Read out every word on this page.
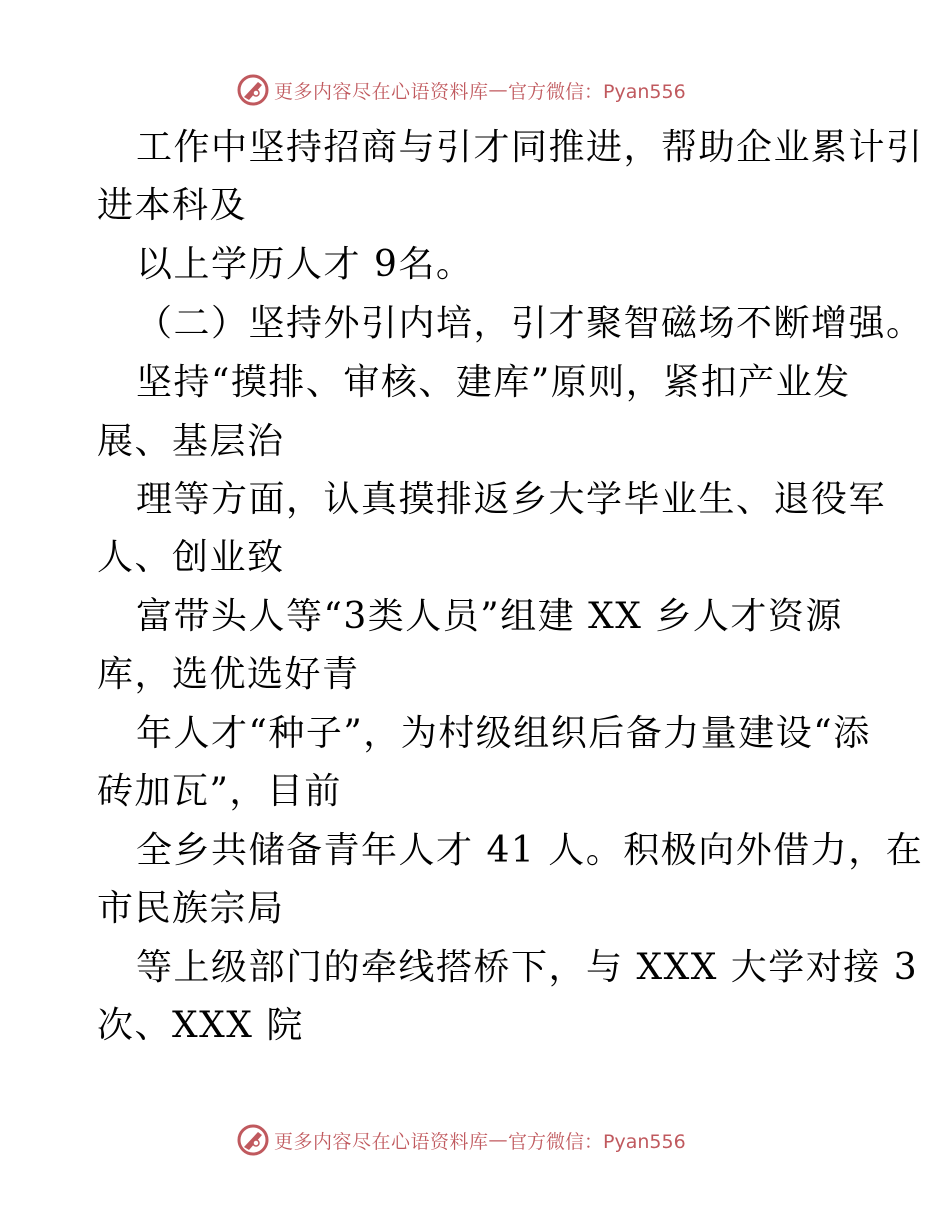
更多内容尽在心语资料库 — 官方微信：Pyan556
工作中坚持招商与引才同推进，帮助企业累计引
进本科及
以上学历人才 9名。
（二）坚持外引内培，引才聚智磁场不断增强。
坚持“摸排、审核、建库”原则，紧扣产业发
展、基层治
理等方面，认真摸排返乡大学毕业生、退役军
人、创业致
富带头人等“3类人员”组建 XX 乡人才资源
库，选优选好青
年人才“种子”，为村级组织后备力量建设“添
砖加瓦”，目前
全乡共储备青年人才 41 人。积极向外借力，在
市民族宗局
等上级部门的牵线搭桥下，与 XXX 大学对接 3
次、XXX 院
更多内容尽在心语资料库 — 官方微信：Pyan556
